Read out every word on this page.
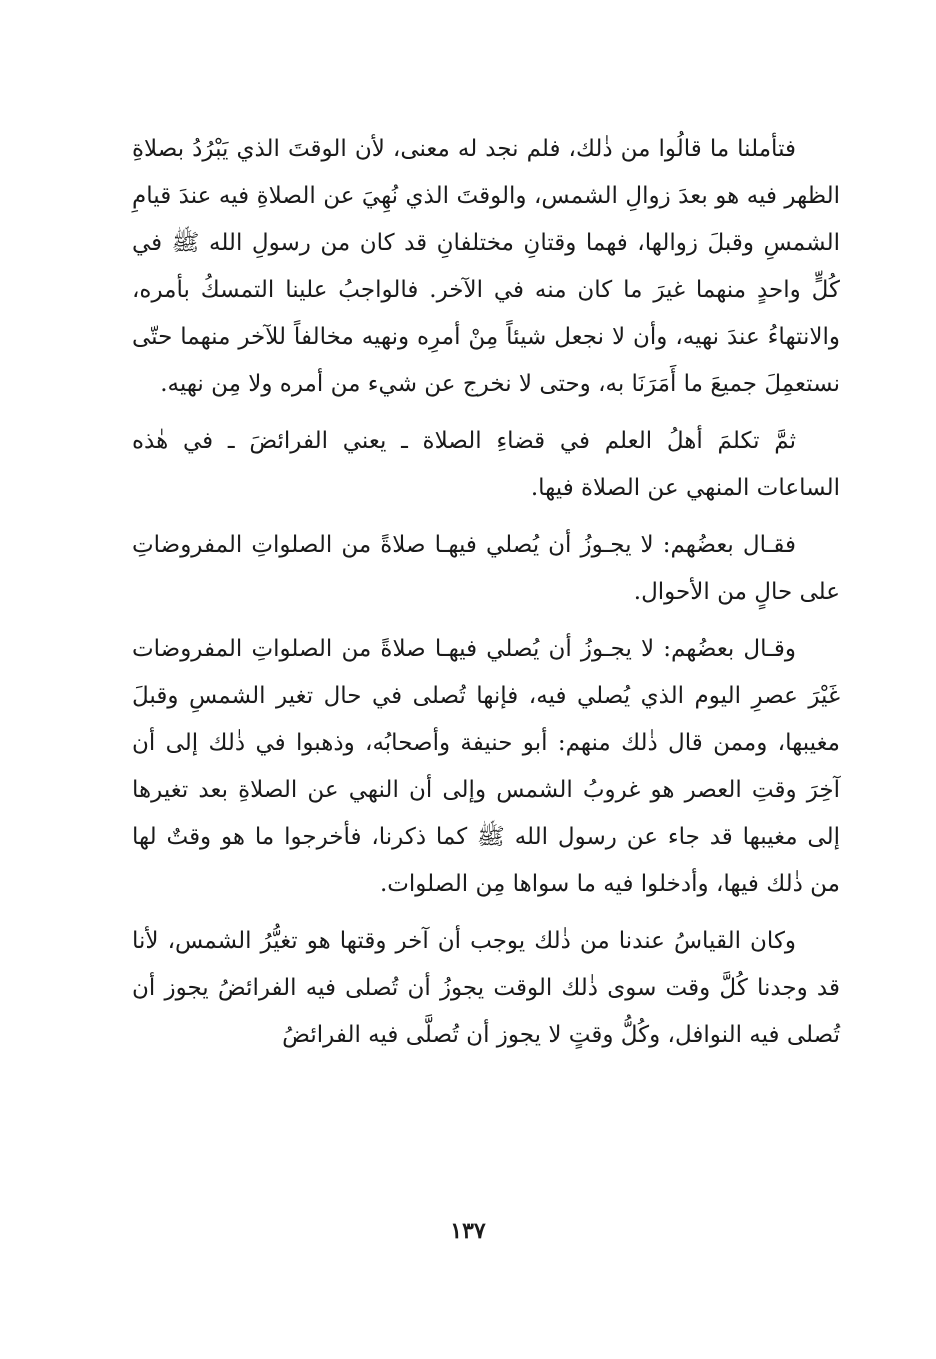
فتأملنا ما قالُوا من ذٰلك، فلم نجد له معنى، لأن الوقتَ الذي يَبْرُدُ بصلاةِ الظهر فيه هو بعدَ زوالِ الشمس، والوقتَ الذي نُهِيَ عن الصلاةِ فيه عندَ قيامِ الشمسِ وقبلَ زوالها، فهما وقتانِ مختلفانِ قد كان من رسولِ الله ﷺ في كُلٍّ واحدٍ منهما غيرَ ما كان منه في الآخر. فالواجبُ علينا التمسكُ بأمره، والانتهاءُ عندَ نهيه، وأن لا نجعل شيئاً مِنْ أمرِه ونهيه مخالفاً للآخر منهما حتّى نستعمِلَ جميعَ ما أَمَرَنَا به، وحتى لا نخرج عن شيء من أمره ولا مِن نهيه.

ثمَّ تكلمَ أهلُ العلم في قضاءِ الصلاة ـ يعني الفرائضَ ـ في هٰذه الساعات المنهي عن الصلاة فيها.

فقـال بعضُهم: لا يجـوزُ أن يُصلي فيهـا صلاةً من الصلواتِ المفروضاتِ على حالٍ من الأحوال.

وقـال بعضُهم: لا يجـوزُ أن يُصلي فيهـا صلاةً من الصلواتِ المفروضات غَيْرَ عصرِ اليوم الذي يُصلي فيه، فإنها تُصلى في حال تغير الشمسِ وقبلَ مغيبها، وممن قال ذٰلك منهم: أبو حنيفة وأصحابُه، وذهبوا في ذٰلك إلى أن آخِرَ وقتِ العصر هو غروبُ الشمس وإلى أن النهي عن الصلاةِ بعد تغيرها إلى مغيبها قد جاء عن رسول الله ﷺ كما ذكرنا، فأخرجوا ما هو وقتٌ لها من ذٰلك فيها، وأدخلوا فيه ما سواها مِن الصلوات.

وكان القياسُ عندنا من ذٰلك يوجب أن آخر وقتها هو تغيُّرُ الشمس، لأنا قد وجدنا كُلَّ وقت سوى ذٰلك الوقت يجوزُ أن تُصلى فيه الفرائضُ يجوز أن تُصلى فيه النوافل، وكُلُّ وقتٍ لا يجوز أن تُصلَّى فيه الفرائضُ

١٣٧
